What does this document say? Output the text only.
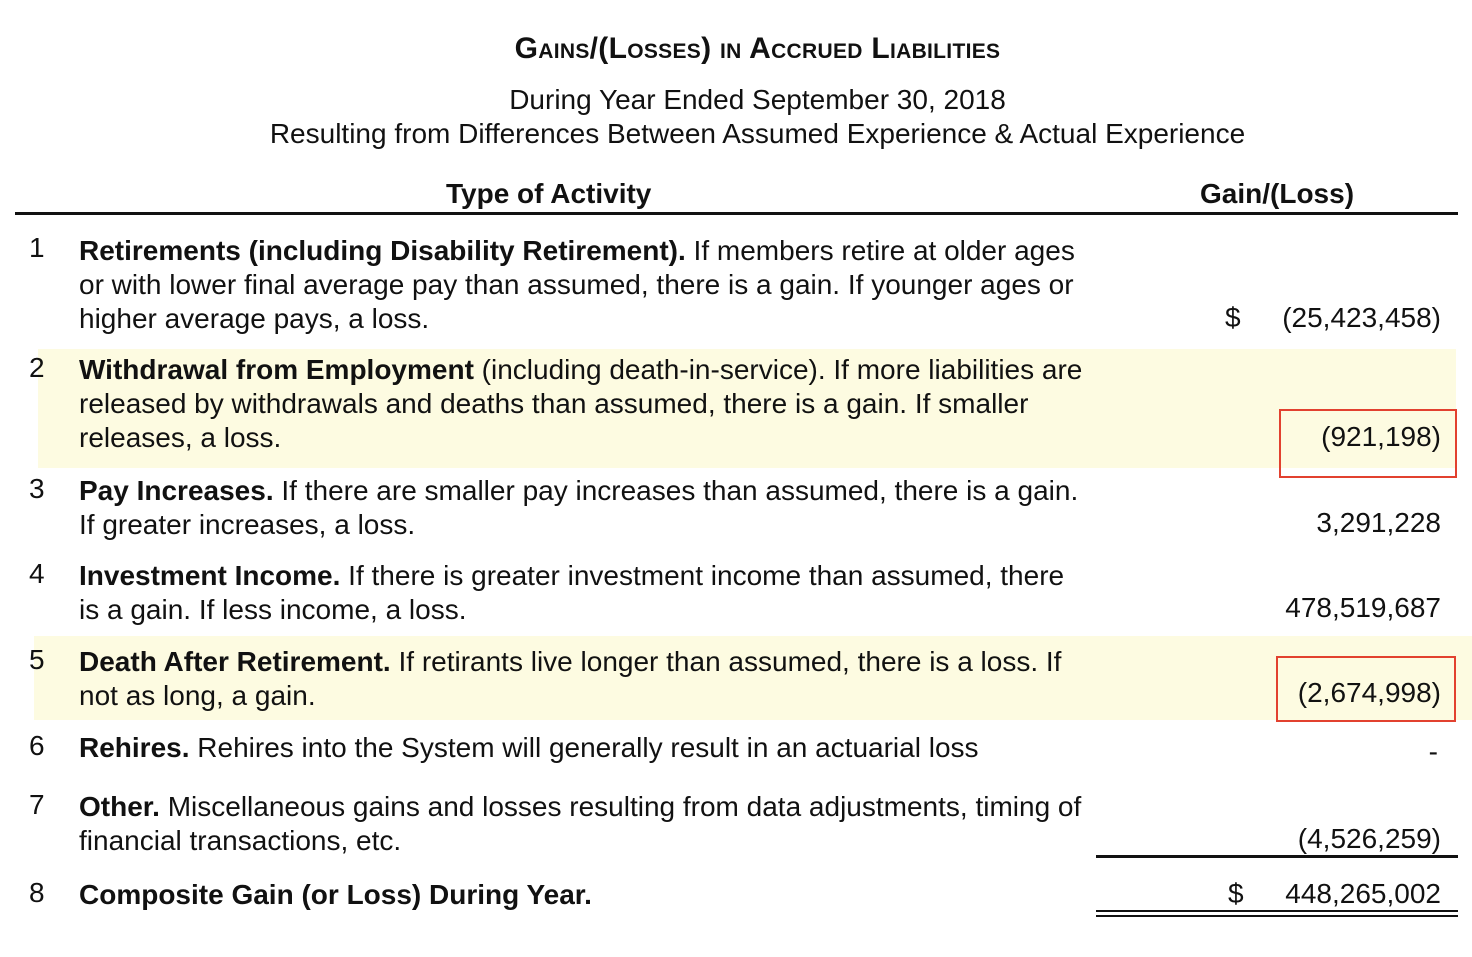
Gains/(Losses) in Accrued Liabilities
During Year Ended September 30, 2018
Resulting from Differences Between Assumed Experience & Actual Experience
Type of Activity	Gain/(Loss)
1 Retirements (including Disability Retirement). If members retire at older ages or with lower final average pay than assumed, there is a gain. If younger ages or higher average pays, a loss.	$ (25,423,458)
2 Withdrawal from Employment (including death-in-service). If more liabilities are released by withdrawals and deaths than assumed, there is a gain. If smaller releases, a loss.	(921,198)
3 Pay Increases. If there are smaller pay increases than assumed, there is a gain. If greater increases, a loss.	3,291,228
4 Investment Income. If there is greater investment income than assumed, there is a gain. If less income, a loss.	478,519,687
5 Death After Retirement. If retirants live longer than assumed, there is a loss. If not as long, a gain.	(2,674,998)
6 Rehires. Rehires into the System will generally result in an actuarial loss	-
7 Other. Miscellaneous gains and losses resulting from data adjustments, timing of financial transactions, etc.	(4,526,259)
8 Composite Gain (or Loss) During Year.	$ 448,265,002
